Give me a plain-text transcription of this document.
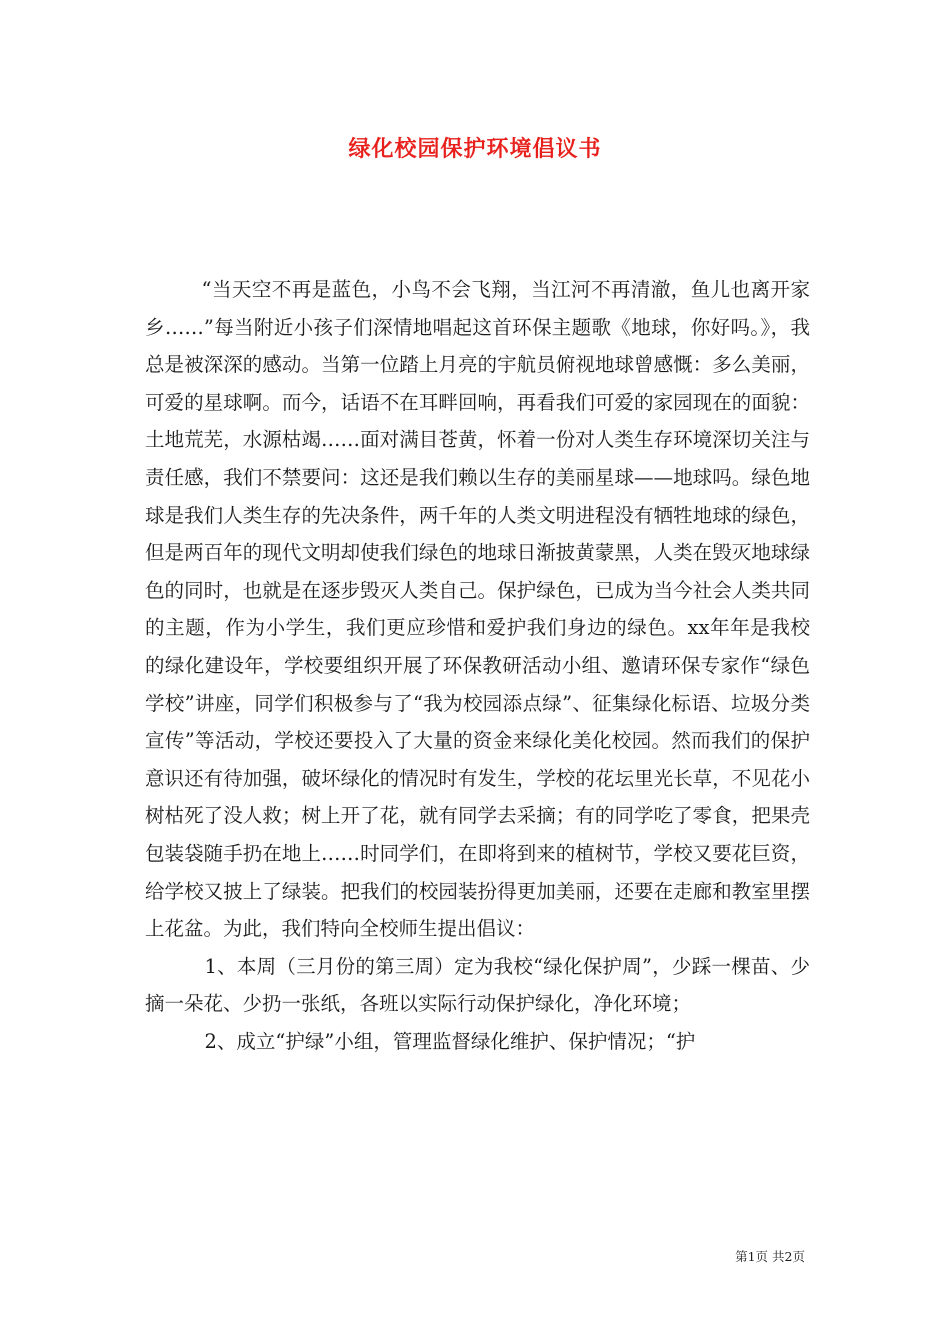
绿化校园保护环境倡议书

“当天空不再是蓝色，小鸟不会飞翔，当江河不再清澈，鱼儿也离开家乡……”每当附近小孩子们深情地唱起这首环保主题歌《地球，你好吗。》，我总是被深深的感动。当第一位踏上月亮的宇航员俯视地球曾感慨：多么美丽，可爱的星球啊。而今，话语不在耳畔回响，再看我们可爱的家园现在的面貌：土地荒芜，水源枯竭……面对满目苍黄，怀着一份对人类生存环境深切关注与责任感，我们不禁要问：这还是我们赖以生存的美丽星球——地球吗。绿色地球是我们人类生存的先决条件，两千年的人类文明进程没有牺牲地球的绿色，但是两百年的现代文明却使我们绿色的地球日渐披黄蒙黑，人类在毁灭地球绿色的同时，也就是在逐步毁灭人类自己。保护绿色，已成为当今社会人类共同的主题，作为小学生，我们更应珍惜和爱护我们身边的绿色。xx年年是我校的绿化建设年，学校要组织开展了环保教研活动小组、邀请环保专家作“绿色学校”讲座，同学们积极参与了“我为校园添点绿”、征集绿化标语、垃圾分类宣传”等活动，学校还要投入了大量的资金来绿化美化校园。然而我们的保护意识还有待加强，破坏绿化的情况时有发生，学校的花坛里光长草，不见花小树枯死了没人救；树上开了花，就有同学去采摘；有的同学吃了零食，把果壳包装袋随手扔在地上……时同学们，在即将到来的植树节，学校又要花巨资，给学校又披上了绿装。把我们的校园装扮得更加美丽，还要在走廊和教室里摆上花盆。为此，我们特向全校师生提出倡议：

1、本周（三月份的第三周）定为我校“绿化保护周”，少踩一棵苗、少摘一朵花、少扔一张纸，各班以实际行动保护绿化，净化环境；

2、成立“护绿”小组，管理监督绿化维护、保护情况；“护

第1页 共2页
